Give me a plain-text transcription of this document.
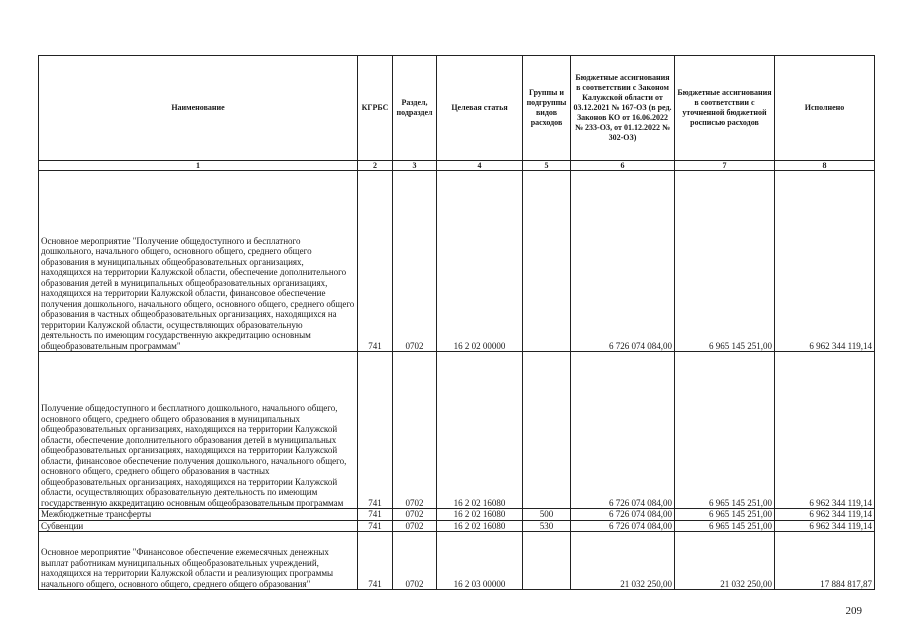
Наименование	КГРБС	Раздел, подраздел	Целевая статья	Группы и подгруппы видов расходов	Бюджетные ассигнования в соответствии с Законом Калужской области от 03.12.2021 № 167-ОЗ (в ред. Законов КО от 16.06.2022 № 233-ОЗ, от 01.12.2022 № 302-ОЗ)	Бюджетные ассигнования в соответствии с уточненной бюджетной росписью расходов	Исполнено
1	2	3	4	5	6	7	8
Основное мероприятие "Получение общедоступного и бесплатного дошкольного, начального общего, основного общего, среднего общего образования в муниципальных общеобразовательных организациях, находящихся на территории Калужской области, обеспечение дополнительного образования детей в муниципальных общеобразовательных организациях, находящихся на территории Калужской области, финансовое обеспечение получения дошкольного, начального общего, основного общего, среднего общего образования в частных общеобразовательных организациях, находящихся на территории Калужской области, осуществляющих образовательную деятельность по имеющим государственную аккредитацию основным общеобразовательным программам"	741	0702	16 2 02 00000		6 726 074 084,00	6 965 145 251,00	6 962 344 119,14
Получение общедоступного и бесплатного дошкольного, начального общего, основного общего, среднего общего образования в муниципальных общеобразовательных организациях, находящихся на территории Калужской области, обеспечение дополнительного образования детей в муниципальных общеобразовательных организациях, находящихся на территории Калужской области, финансовое обеспечение получения дошкольного, начального общего, основного общего, среднего общего образования в частных общеобразовательных организациях, находящихся на территории Калужской области, осуществляющих образовательную деятельность по имеющим государственную аккредитацию основным общеобразовательным программам	741	0702	16 2 02 16080		6 726 074 084,00	6 965 145 251,00	6 962 344 119,14
Межбюджетные трансферты	741	0702	16 2 02 16080	500	6 726 074 084,00	6 965 145 251,00	6 962 344 119,14
Субвенции	741	0702	16 2 02 16080	530	6 726 074 084,00	6 965 145 251,00	6 962 344 119,14
Основное мероприятие "Финансовое обеспечение ежемесячных денежных выплат работникам муниципальных общеобразовательных учреждений, находящихся на территории Калужской области и реализующих программы начального общего, основного общего, среднего общего образования"	741	0702	16 2 03 00000		21 032 250,00	21 032 250,00	17 884 817,87
209
